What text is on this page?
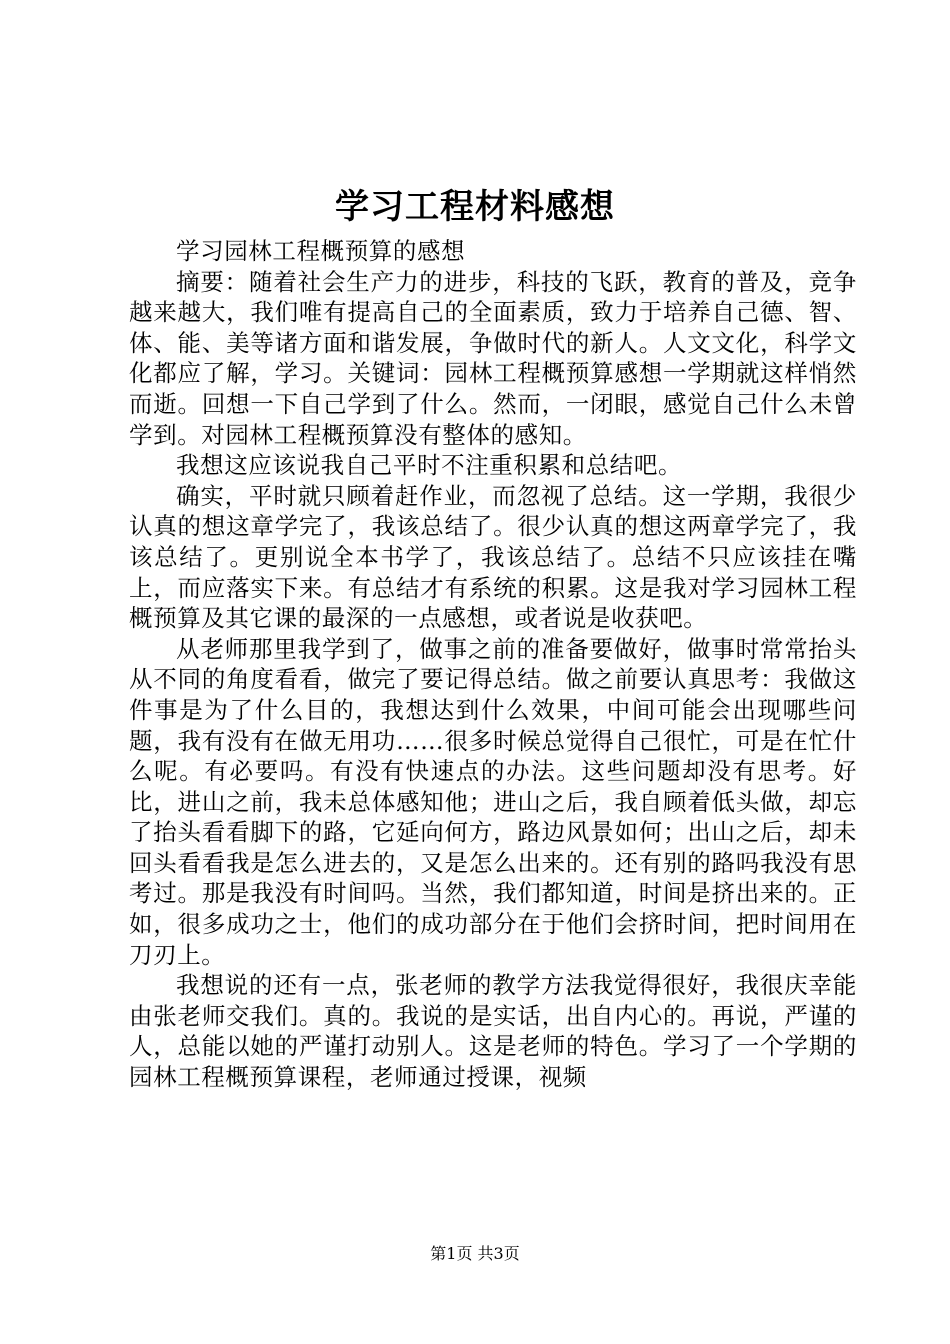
学习工程材料感想

学习园林工程概预算的感想

摘要：随着社会生产力的进步，科技的飞跃，教育的普及，竞争越来越大，我们唯有提高自己的全面素质，致力于培养自己德、智、体、能、美等诸方面和谐发展，争做时代的新人。人文文化，科学文化都应了解，学习。关键词：园林工程概预算感想一学期就这样悄然而逝。回想一下自己学到了什么。然而，一闭眼，感觉自己什么未曾学到。对园林工程概预算没有整体的感知。

我想这应该说我自己平时不注重积累和总结吧。

确实，平时就只顾着赶作业，而忽视了总结。这一学期，我很少认真的想这章学完了，我该总结了。很少认真的想这两章学完了，我该总结了。更别说全本书学了，我该总结了。总结不只应该挂在嘴上，而应落实下来。有总结才有系统的积累。这是我对学习园林工程概预算及其它课的最深的一点感想，或者说是收获吧。

从老师那里我学到了，做事之前的准备要做好，做事时常常抬头从不同的角度看看，做完了要记得总结。做之前要认真思考：我做这件事是为了什么目的，我想达到什么效果，中间可能会出现哪些问题，我有没有在做无用功……很多时候总觉得自己很忙，可是在忙什么呢。有必要吗。有没有快速点的办法。这些问题却没有思考。好比，进山之前，我未总体感知他；进山之后，我自顾着低头做，却忘了抬头看看脚下的路，它延向何方，路边风景如何；出山之后，却未回头看看我是怎么进去的，又是怎么出来的。还有别的路吗我没有思考过。那是我没有时间吗。当然，我们都知道，时间是挤出来的。正如，很多成功之士，他们的成功部分在于他们会挤时间，把时间用在刀刃上。

我想说的还有一点，张老师的教学方法我觉得很好，我很庆幸能由张老师交我们。真的。我说的是实话，出自内心的。再说，严谨的人，总能以她的严谨打动别人。这是老师的特色。学习了一个学期的园林工程概预算课程，老师通过授课，视频

第1页 共3页
